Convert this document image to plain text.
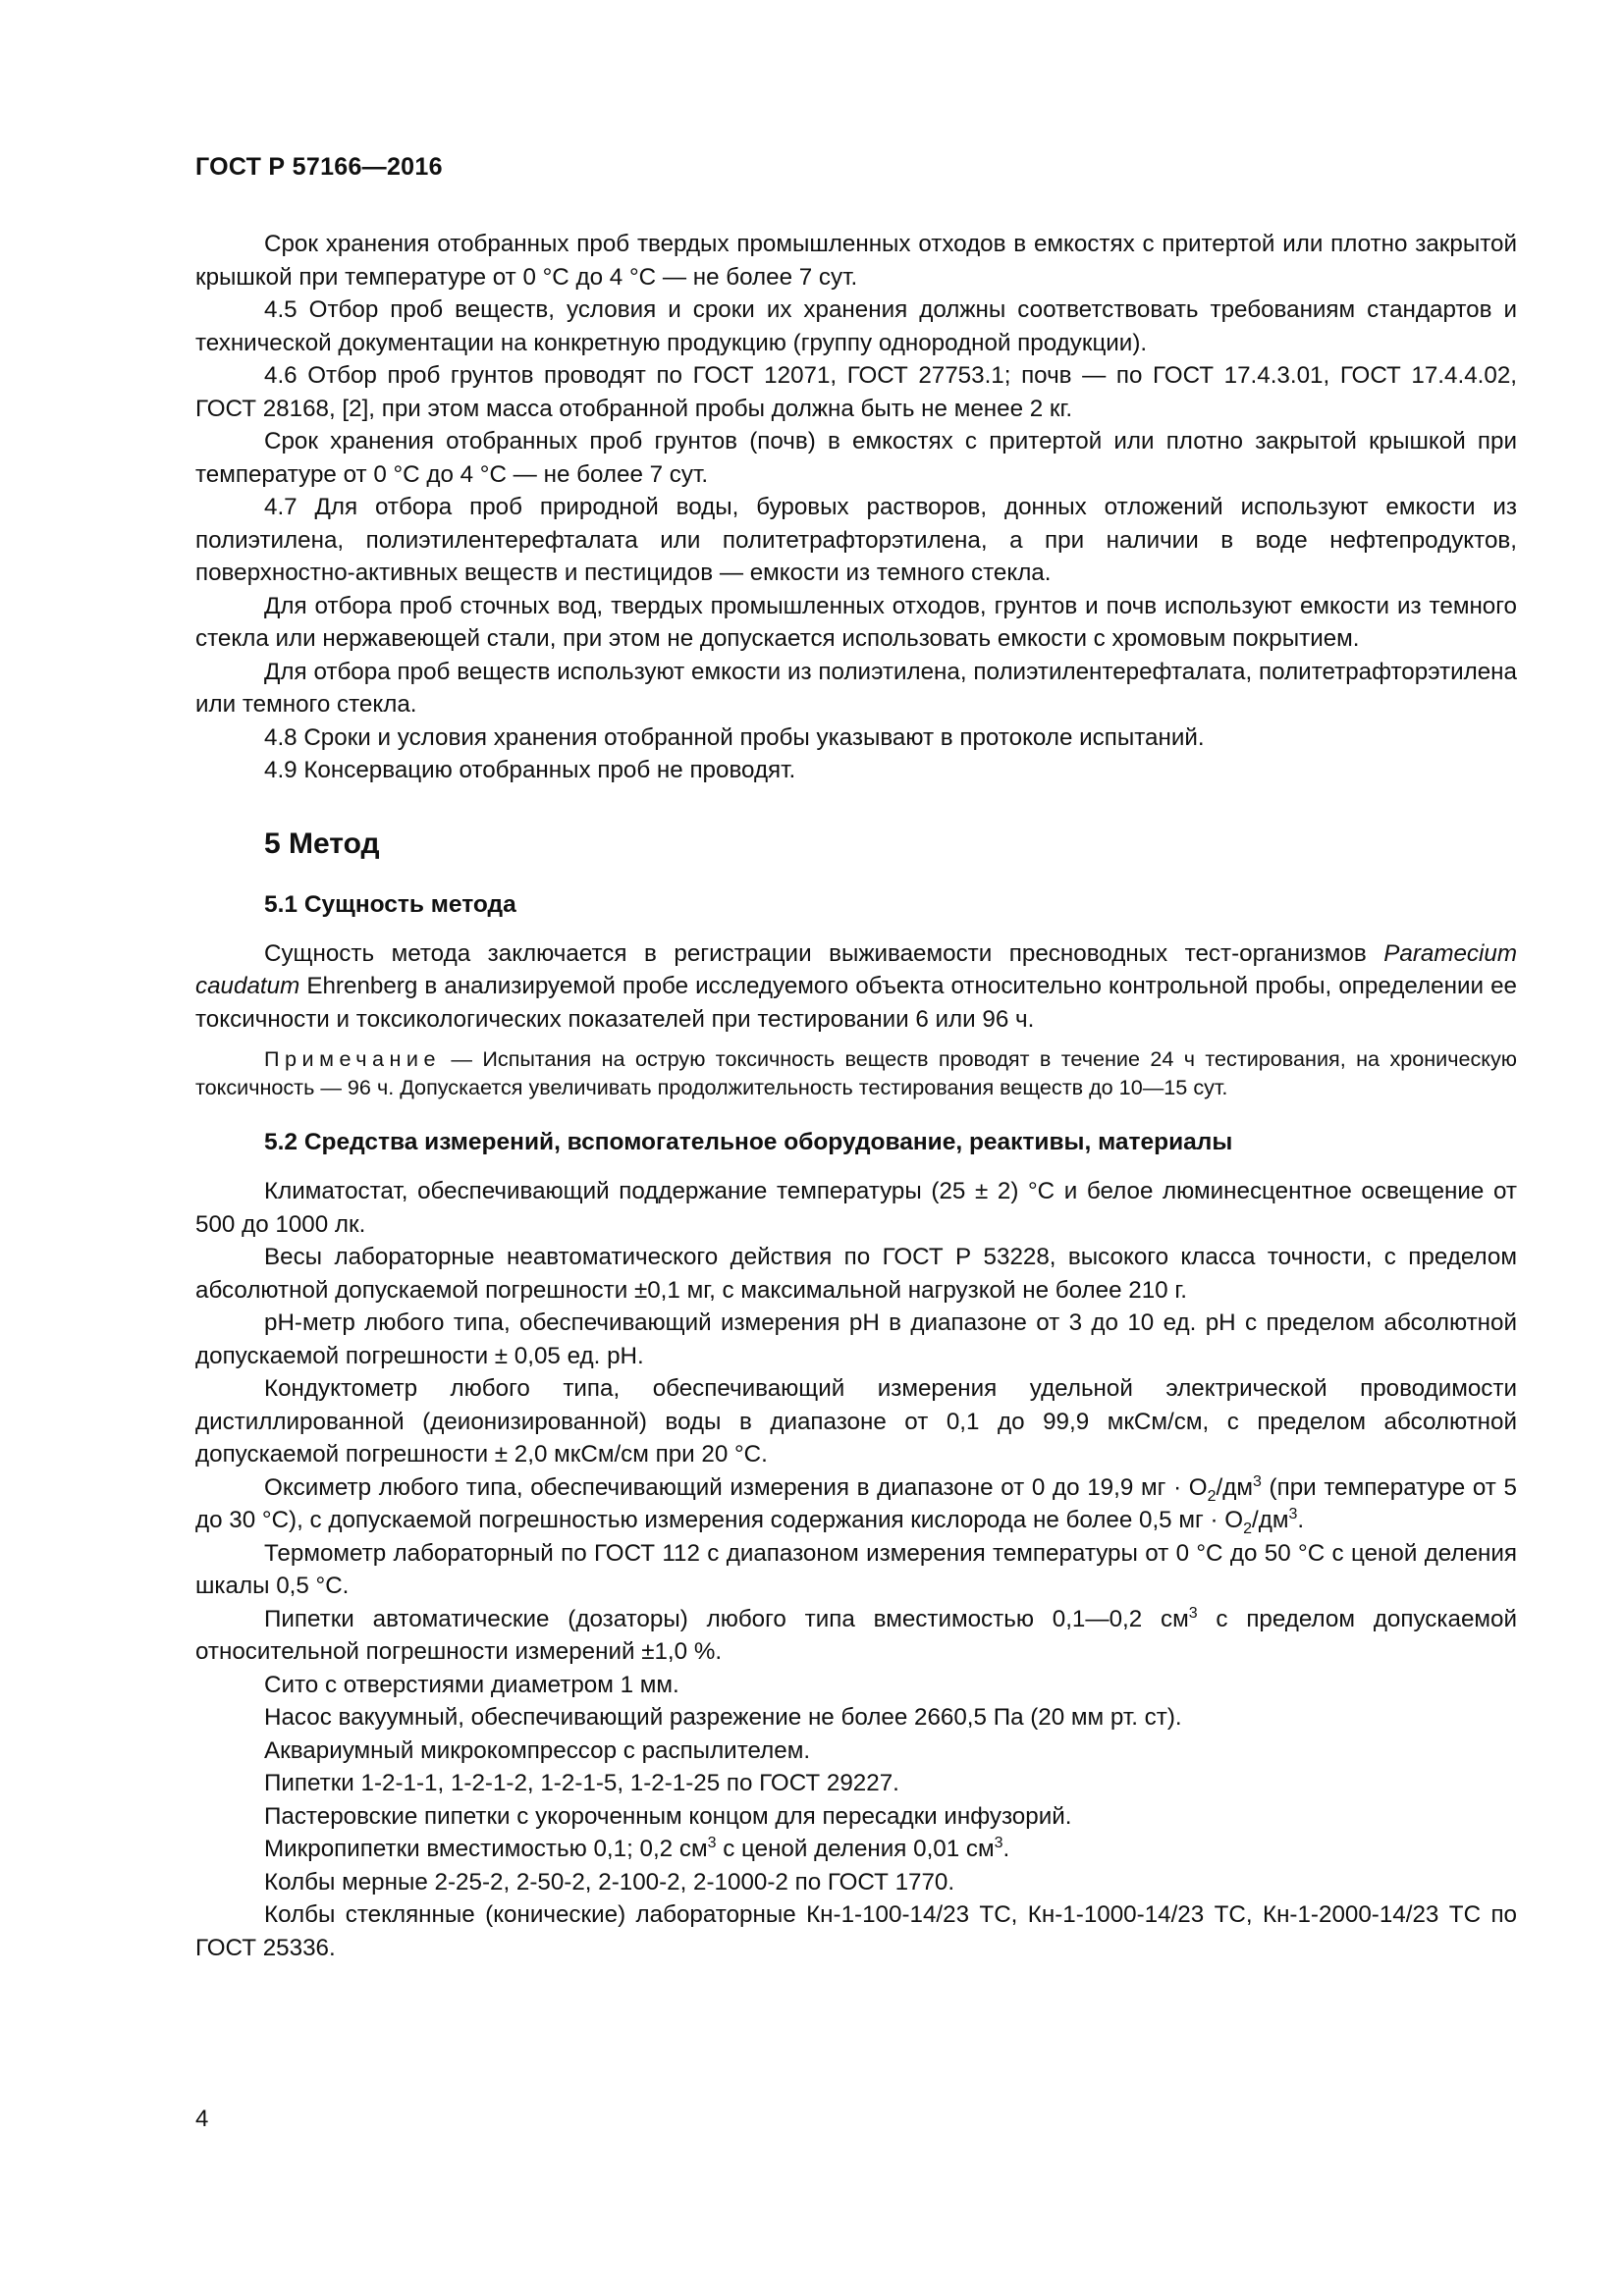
ГОСТ Р 57166—2016

Срок хранения отобранных проб твердых промышленных отходов в емкостях с притертой или плотно закрытой крышкой при температуре от 0 °С до 4 °С — не более 7 сут.

4.5 Отбор проб веществ, условия и сроки их хранения должны соответствовать требованиям стандартов и технической документации на конкретную продукцию (группу однородной продукции).

4.6 Отбор проб грунтов проводят по ГОСТ 12071, ГОСТ 27753.1; почв — по ГОСТ 17.4.3.01, ГОСТ 17.4.4.02, ГОСТ 28168, [2], при этом масса отобранной пробы должна быть не менее 2 кг.

Срок хранения отобранных проб грунтов (почв) в емкостях с притертой или плотно закрытой крышкой при температуре от 0 °С до 4 °С — не более 7 сут.

4.7 Для отбора проб природной воды, буровых растворов, донных отложений используют емкости из полиэтилена, полиэтилентерефталата или политетрафторэтилена, а при наличии в воде нефтепродуктов, поверхностно-активных веществ и пестицидов — емкости из темного стекла.

Для отбора проб сточных вод, твердых промышленных отходов, грунтов и почв используют емкости из темного стекла или нержавеющей стали, при этом не допускается использовать емкости с хромовым покрытием.

Для отбора проб веществ используют емкости из полиэтилена, полиэтилентерефталата, политетрафторэтилена или темного стекла.

4.8 Сроки и условия хранения отобранной пробы указывают в протоколе испытаний.

4.9 Консервацию отобранных проб не проводят.

5 Метод
5.1 Сущность метода

Сущность метода заключается в регистрации выживаемости пресноводных тест-организмов Paramecium caudatum Ehrenberg в анализируемой пробе исследуемого объекта относительно контрольной пробы, определении ее токсичности и токсикологических показателей при тестировании 6 или 96 ч.

Примечание — Испытания на острую токсичность веществ проводят в течение 24 ч тестирования, на хроническую токсичность — 96 ч. Допускается увеличивать продолжительность тестирования веществ до 10—15 сут.

5.2 Средства измерений, вспомогательное оборудование, реактивы, материалы

Климатостат, обеспечивающий поддержание температуры (25 ± 2) °С и белое люминесцентное освещение от 500 до 1000 лк.

Весы лабораторные неавтоматического действия по ГОСТ Р 53228, высокого класса точности, с пределом абсолютной допускаемой погрешности ±0,1 мг, с максимальной нагрузкой не более 210 г.

рН-метр любого типа, обеспечивающий измерения рН в диапазоне от 3 до 10 ед. рН с пределом абсолютной допускаемой погрешности ± 0,05 ед. рН.

Кондуктометр любого типа, обеспечивающий измерения удельной электрической проводимости дистиллированной (деионизированной) воды в диапазоне от 0,1 до 99,9 мкСм/см, с пределом абсолютной допускаемой погрешности ± 2,0 мкСм/см при 20 °С.

Оксиметр любого типа, обеспечивающий измерения в диапазоне от 0 до 19,9 мг · $О_2/дм^3$ (при температуре от 5 до 30 °С), с допускаемой погрешностью измерения содержания кислорода не более 0,5 мг · $О_2/дм^3$.

Термометр лабораторный по ГОСТ 112 с диапазоном измерения температуры от 0 °С до 50 °С с ценой деления шкалы 0,5 °С.

Пипетки автоматические (дозаторы) любого типа вместимостью 0,1—0,2 $см^3$ с пределом допускаемой относительной погрешности измерений ±1,0 %.

Сито с отверстиями диаметром 1 мм.

Насос вакуумный, обеспечивающий разрежение не более 2660,5 Па (20 мм рт. ст).

Аквариумный микрокомпрессор с распылителем.

Пипетки 1-2-1-1, 1-2-1-2, 1-2-1-5, 1-2-1-25 по ГОСТ 29227.

Пастеровские пипетки с укороченным концом для пересадки инфузорий.

Микропипетки вместимостью 0,1; 0,2 $см^3$ с ценой деления 0,01 $см^3$.

Колбы мерные 2-25-2, 2-50-2, 2-100-2, 2-1000-2 по ГОСТ 1770.

Колбы стеклянные (конические) лабораторные Кн-1-100-14/23 ТС, Кн-1-1000-14/23 ТС, Кн-1-2000-14/23 ТС по ГОСТ 25336.

4
